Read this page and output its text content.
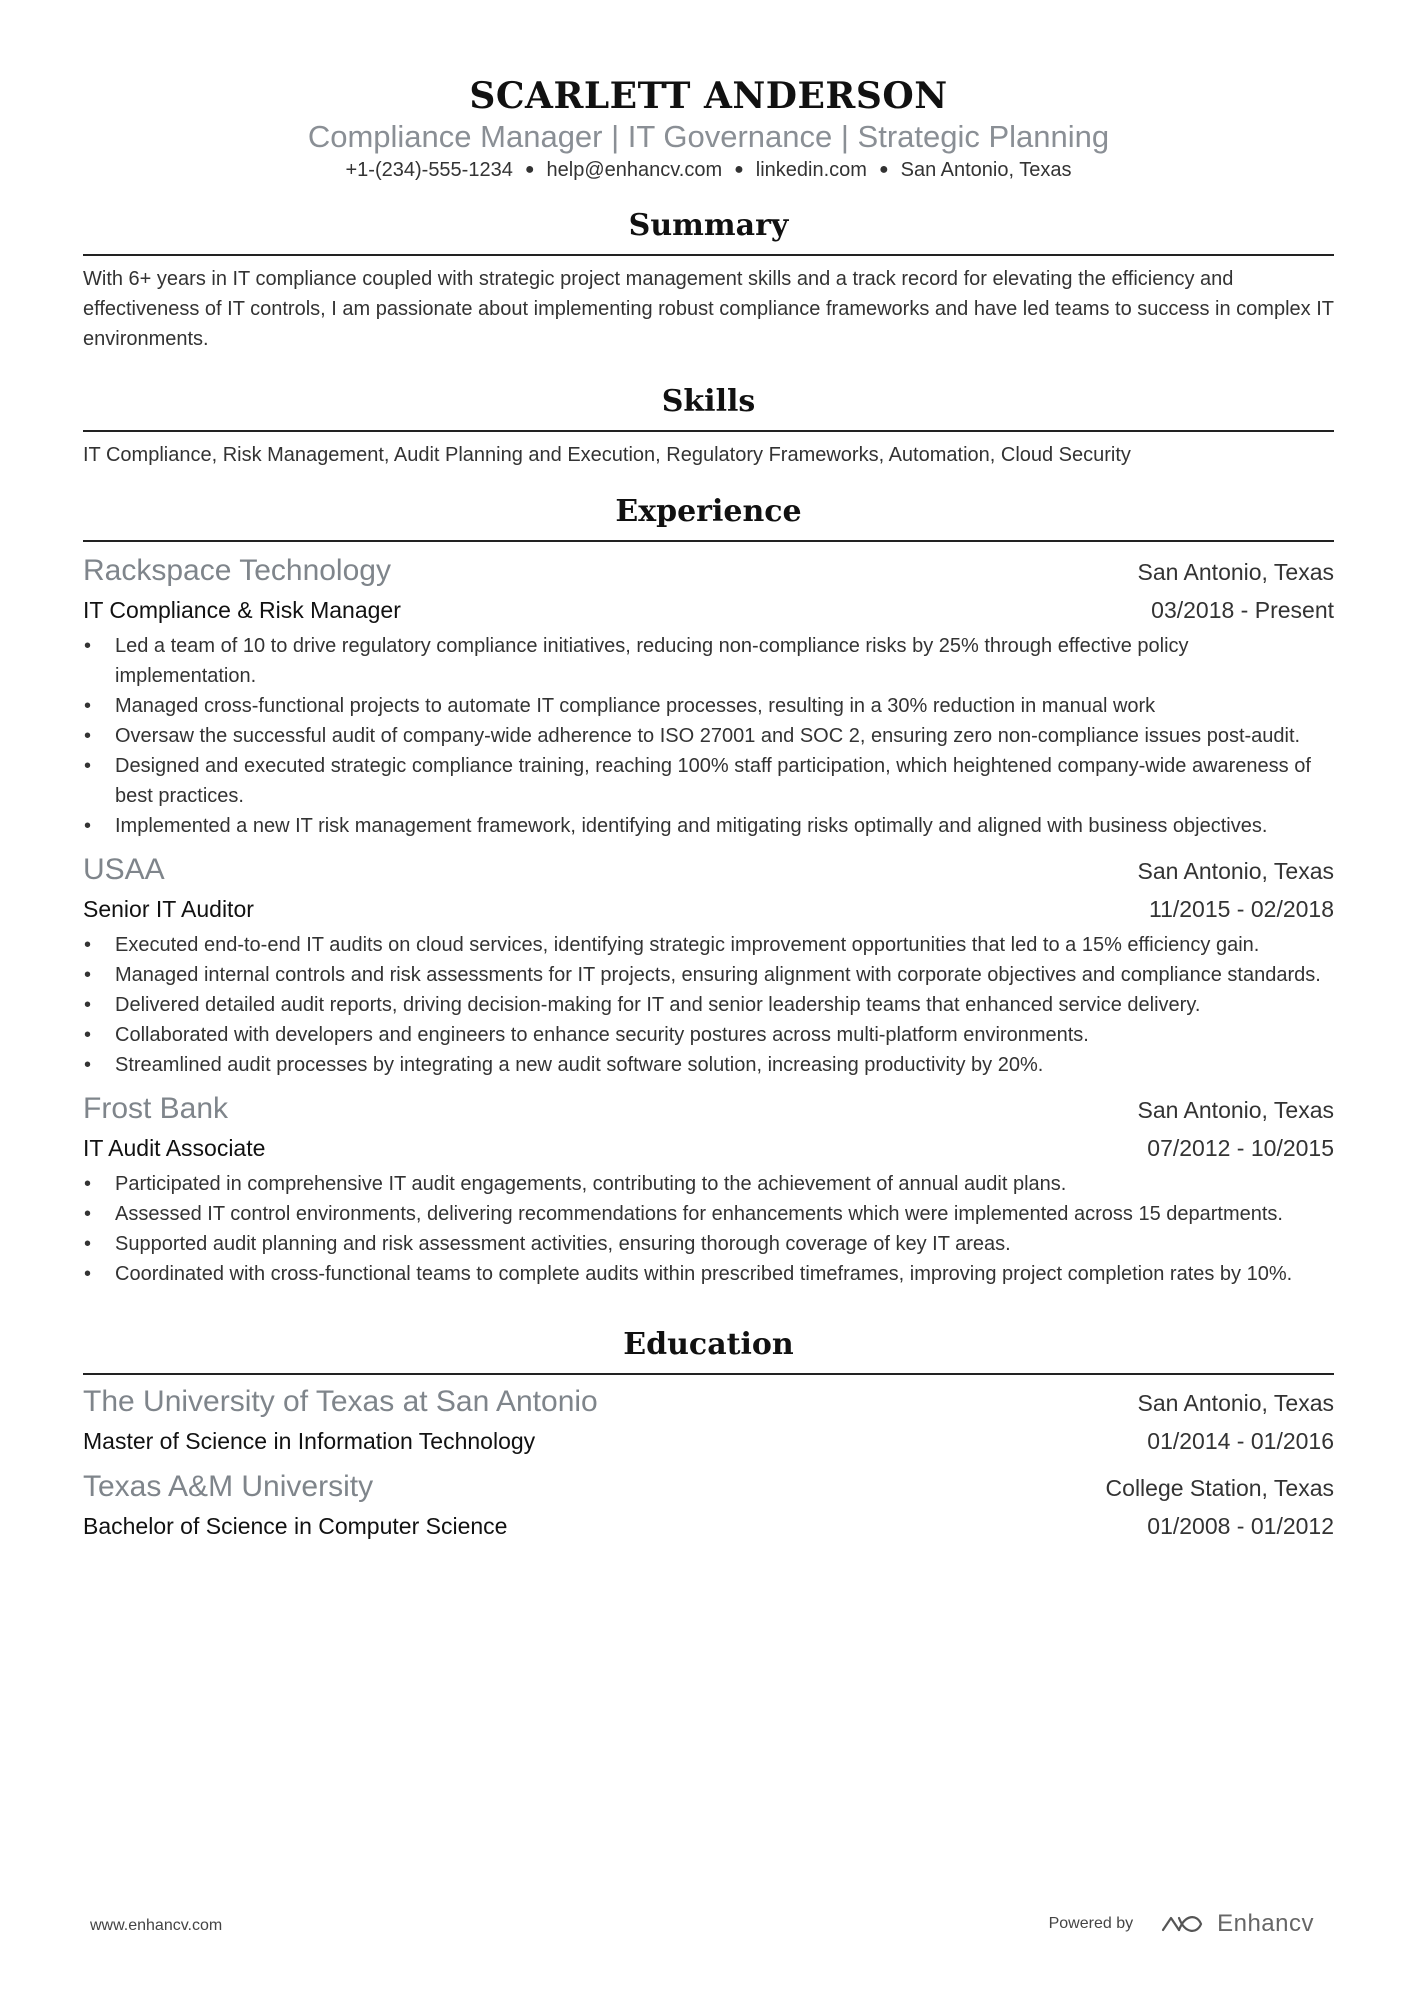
SCARLETT ANDERSON
Compliance Manager | IT Governance | Strategic Planning
+1-(234)-555-1234 ● help@enhancv.com ● linkedin.com ● San Antonio, Texas
Summary
With 6+ years in IT compliance coupled with strategic project management skills and a track record for elevating the efficiency and effectiveness of IT controls, I am passionate about implementing robust compliance frameworks and have led teams to success in complex IT environments.
Skills
IT Compliance, Risk Management, Audit Planning and Execution, Regulatory Frameworks, Automation, Cloud Security
Experience
Rackspace Technology	San Antonio, Texas
IT Compliance & Risk Manager	03/2018 - Present
• Led a team of 10 to drive regulatory compliance initiatives, reducing non-compliance risks by 25% through effective policy implementation.
• Managed cross-functional projects to automate IT compliance processes, resulting in a 30% reduction in manual work
• Oversaw the successful audit of company-wide adherence to ISO 27001 and SOC 2, ensuring zero non-compliance issues post-audit.
• Designed and executed strategic compliance training, reaching 100% staff participation, which heightened company-wide awareness of best practices.
• Implemented a new IT risk management framework, identifying and mitigating risks optimally and aligned with business objectives.
USAA	San Antonio, Texas
Senior IT Auditor	11/2015 - 02/2018
• Executed end-to-end IT audits on cloud services, identifying strategic improvement opportunities that led to a 15% efficiency gain.
• Managed internal controls and risk assessments for IT projects, ensuring alignment with corporate objectives and compliance standards.
• Delivered detailed audit reports, driving decision-making for IT and senior leadership teams that enhanced service delivery.
• Collaborated with developers and engineers to enhance security postures across multi-platform environments.
• Streamlined audit processes by integrating a new audit software solution, increasing productivity by 20%.
Frost Bank	San Antonio, Texas
IT Audit Associate	07/2012 - 10/2015
• Participated in comprehensive IT audit engagements, contributing to the achievement of annual audit plans.
• Assessed IT control environments, delivering recommendations for enhancements which were implemented across 15 departments.
• Supported audit planning and risk assessment activities, ensuring thorough coverage of key IT areas.
• Coordinated with cross-functional teams to complete audits within prescribed timeframes, improving project completion rates by 10%.
Education
The University of Texas at San Antonio	San Antonio, Texas
Master of Science in Information Technology	01/2014 - 01/2016
Texas A&M University	College Station, Texas
Bachelor of Science in Computer Science	01/2008 - 01/2012
www.enhancv.com	Powered by	Enhancv
